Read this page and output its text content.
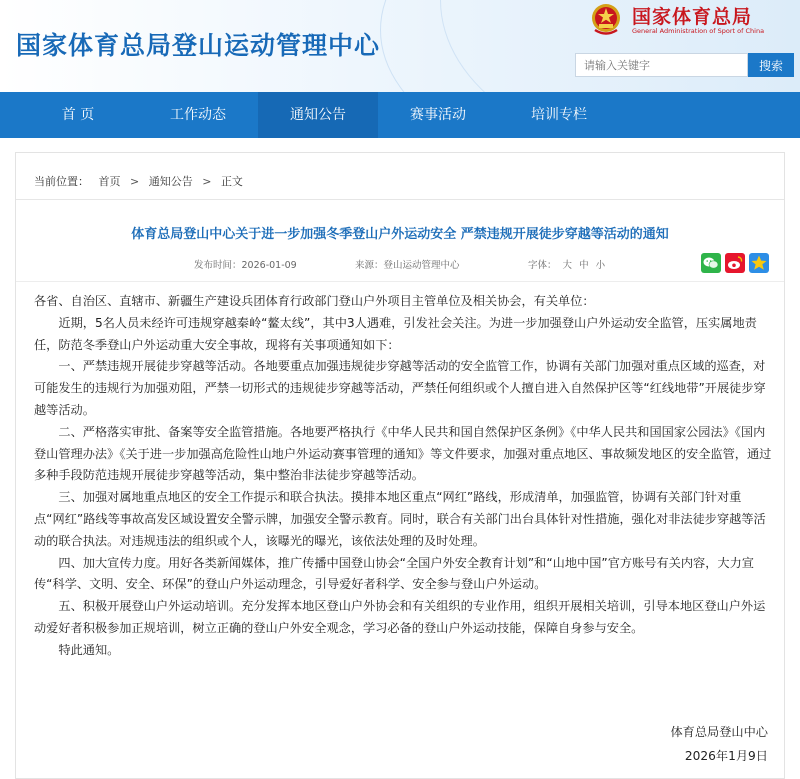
国家体育总局登山运动管理中心
国家体育总局
General Administration of Sport of China
请输入关键字
搜索
首 页	工作动态	通知公告	赛事活动	培训专栏
当前位置： 首页 > 通知公告 > 正文
体育总局登山中心关于进一步加强冬季登山户外运动安全 严禁违规开展徒步穿越等活动的通知
发布时间：2026-01-09	来源：登山运动管理中心	字体： 大 中 小

各省、自治区、直辖市、新疆生产建设兵团体育行政部门登山户外项目主管单位及相关协会，有关单位：

近期，5名人员未经许可违规穿越秦岭“鳌太线”，其中3人遇难，引发社会关注。为进一步加强登山户外运动安全监管，压实属地责任，防范冬季登山户外运动重大安全事故，现将有关事项通知如下：

一、严禁违规开展徒步穿越等活动。各地要重点加强违规徒步穿越等活动的安全监管工作，协调有关部门加强对重点区域的巡查，对可能发生的违规行为加强劝阻，严禁一切形式的违规徒步穿越等活动，严禁任何组织或个人擅自进入自然保护区等“红线地带”开展徒步穿越等活动。

二、严格落实审批、备案等安全监管措施。各地要严格执行《中华人民共和国自然保护区条例》《中华人民共和国国家公园法》《国内登山管理办法》《关于进一步加强高危险性山地户外运动赛事管理的通知》等文件要求，加强对重点地区、事故频发地区的安全监管，通过多种手段防范违规开展徒步穿越等活动，集中整治非法徒步穿越等活动。

三、加强对属地重点地区的安全工作提示和联合执法。摸排本地区重点“网红”路线，形成清单，加强监管，协调有关部门针对重点“网红”路线等事故高发区域设置安全警示牌，加强安全警示教育。同时，联合有关部门出台具体针对性措施，强化对非法徒步穿越等活动的联合执法。对违规违法的组织或个人，该曝光的曝光，该依法处理的及时处理。

四、加大宣传力度。用好各类新闻媒体，推广传播中国登山协会“全国户外安全教育计划”和“山地中国”官方账号有关内容，大力宣传“科学、文明、安全、环保”的登山户外运动理念，引导爱好者科学、安全参与登山户外运动。

五、积极开展登山户外运动培训。充分发挥本地区登山户外协会和有关组织的专业作用，组织开展相关培训，引导本地区登山户外运动爱好者积极参加正规培训，树立正确的登山户外安全观念，学习必备的登山户外运动技能，保障自身参与安全。

特此通知。

体育总局登山中心
2026年1月9日
